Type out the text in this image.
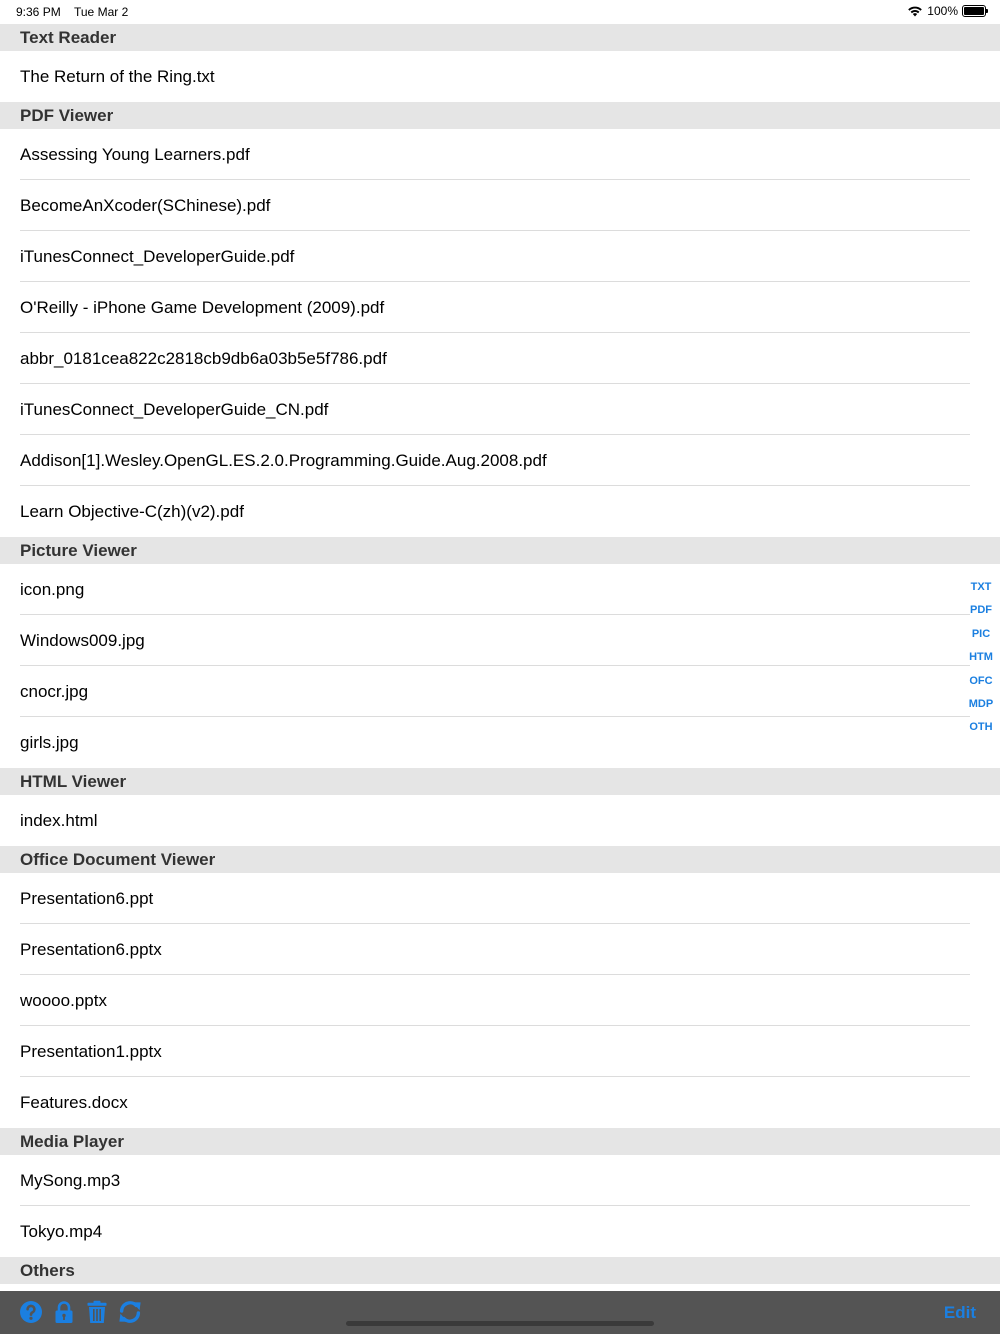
9:36 PM Tue Mar 2	100%
Text Reader
The Return of the Ring.txt
PDF Viewer
Assessing Young Learners.pdf
BecomeAnXcoder(SChinese).pdf
iTunesConnect_DeveloperGuide.pdf
O'Reilly - iPhone Game Development (2009).pdf
abbr_0181cea822c2818cb9db6a03b5e5f786.pdf
iTunesConnect_DeveloperGuide_CN.pdf
Addison[1].Wesley.OpenGL.ES.2.0.Programming.Guide.Aug.2008.pdf
Learn Objective-C(zh)(v2).pdf
Picture Viewer
icon.png
Windows009.jpg
cnocr.jpg
girls.jpg
HTML Viewer
index.html
Office Document Viewer
Presentation6.ppt
Presentation6.pptx
woooo.pptx
Presentation1.pptx
Features.docx
Media Player
MySong.mp3
Tokyo.mp4
Others
TXT
PDF
PIC
HTM
OFC
MDP
OTH
Edit
